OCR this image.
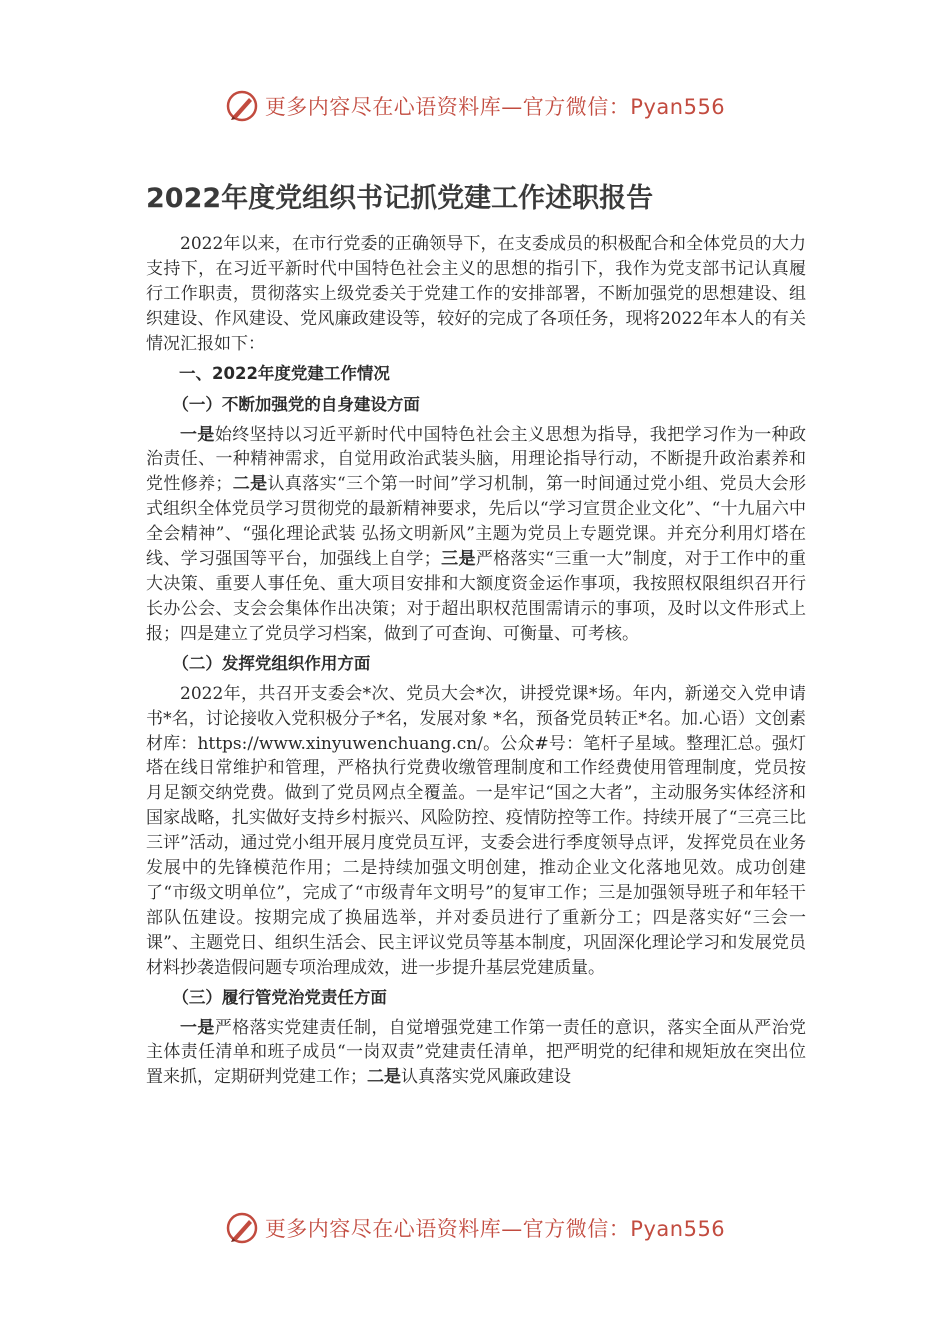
更多内容尽在心语资料库—官方微信：Pyan556
2022年度党组织书记抓党建工作述职报告

2022年以来，在市行党委的正确领导下，在支委成员的积极配合和全体党员的大力支持下，在习近平新时代中国特色社会主义的思想的指引下，我作为党支部书记认真履行工作职责，贯彻落实上级党委关于党建工作的安排部署，不断加强党的思想建设、组织建设、作风建设、党风廉政建设等，较好的完成了各项任务，现将2022年本人的有关情况汇报如下：

一、2022年度党建工作情况
（一）不断加强党的自身建设方面

一是始终坚持以习近平新时代中国特色社会主义思想为指导，我把学习作为一种政治责任、一种精神需求，自觉用政治武装头脑，用理论指导行动，不断提升政治素养和党性修养；二是认真落实“三个第一时间”学习机制，第一时间通过党小组、党员大会形式组织全体党员学习贯彻党的最新精神要求，先后以“学习宣贯企业文化”、“十九届六中全会精神”、“强化理论武装 弘扬文明新风”主题为党员上专题党课。并充分利用灯塔在线、学习强国等平台，加强线上自学；三是严格落实“三重一大”制度，对于工作中的重大决策、重要人事任免、重大项目安排和大额度资金运作事项，我按照权限组织召开行长办公会、支会会集体作出决策；对于超出职权范围需请示的事项，及时以文件形式上报；四是建立了党员学习档案，做到了可查询、可衡量、可考核。

（二）发挥党组织作用方面

2022年，共召开支委会*次、党员大会*次，讲授党课*场。年内，新递交入党申请书*名，讨论接收入党积极分子*名，发展对象 *名，预备党员转正*名。加.心语）文创素材库：https://www.xinyuwenchuang.cn/。公众#号：笔杆子星域。整理汇总。强灯塔在线日常维护和管理，严格执行党费收缴管理制度和工作经费使用管理制度，党员按月足额交纳党费。做到了党员网点全覆盖。一是牢记“国之大者”，主动服务实体经济和国家战略，扎实做好支持乡村振兴、风险防控、疫情防控等工作。持续开展了“三亮三比三评”活动，通过党小组开展月度党员互评，支委会进行季度领导点评，发挥党员在业务发展中的先锋模范作用；二是持续加强文明创建，推动企业文化落地见效。成功创建了“市级文明单位”，完成了“市级青年文明号”的复审工作；三是加强领导班子和年轻干部队伍建设。按期完成了换届选举，并对委员进行了重新分工；四是落实好“三会一课”、主题党日、组织生活会、民主评议党员等基本制度，巩固深化理论学习和发展党员材料抄袭造假问题专项治理成效，进一步提升基层党建质量。

（三）履行管党治党责任方面

一是严格落实党建责任制，自觉增强党建工作第一责任的意识，落实全面从严治党主体责任清单和班子成员“一岗双责”党建责任清单，把严明党的纪律和规矩放在突出位置来抓，定期研判党建工作；二是认真落实党风廉政建设

更多内容尽在心语资料库—官方微信：Pyan556
